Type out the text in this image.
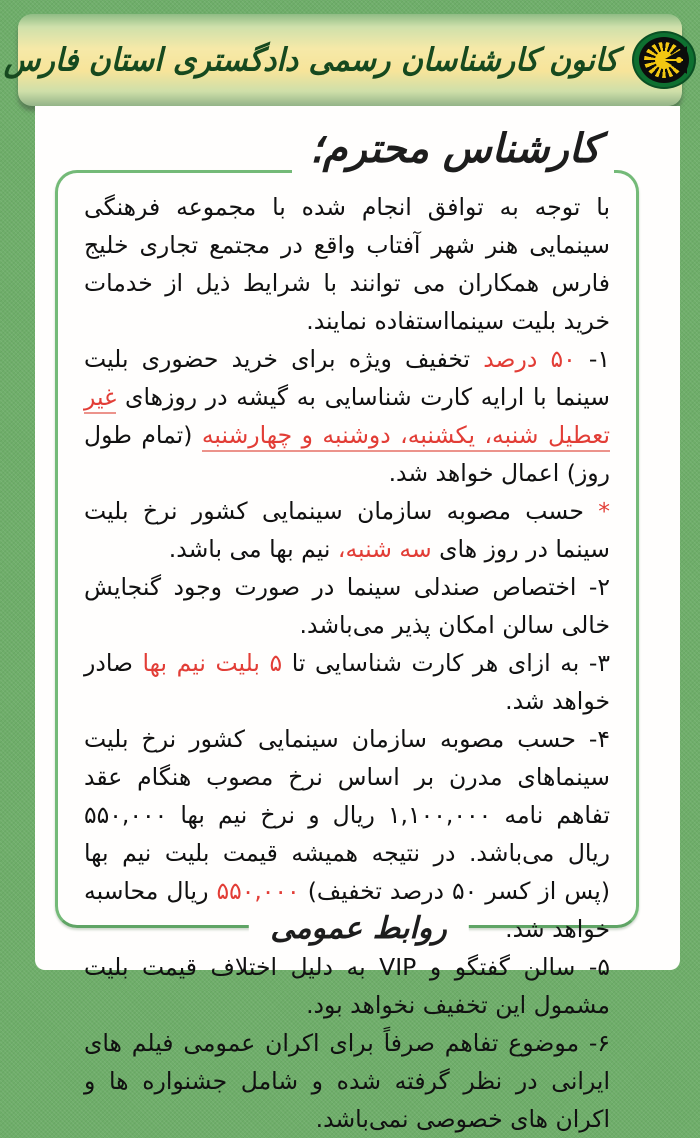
کانون کارشناسان رسمی دادگستری استان فارس
کارشناس محترم؛

با توجه به توافق انجام شده با مجموعه فرهنگی سینمایی هنر شهر آفتاب واقع در مجتمع تجاری خلیج فارس همکاران می توانند با شرایط ذیل از خدمات خرید بلیت سینمااستفاده نمایند.

۱- ۵۰ درصد تخفیف ویژه برای خرید حضوری بلیت سینما با ارایه کارت شناسایی به گیشه در روزهای غیر تعطیل شنبه، یکشنبه، دوشنبه و چهارشنبه (تمام طول روز) اعمال خواهد شد.

* حسب مصوبه سازمان سینمایی کشور نرخ بلیت سینما در روز های سه شنبه، نیم بها می باشد.

۲- اختصاص صندلی سینما در صورت وجود گنجایش خالی سالن امکان پذیر می‌باشد.

۳- به ازای هر کارت شناسایی تا ۵ بلیت نیم بها صادر خواهد شد.

۴- حسب مصوبه سازمان سینمایی کشور نرخ بلیت سینماهای مدرن بر اساس نرخ مصوب هنگام عقد تفاهم نامه ۱,۱۰۰,۰۰۰ ریال و نرخ نیم بها ۵۵۰,۰۰۰ ریال می‌باشد. در نتیجه همیشه قیمت بلیت نیم بها (پس از کسر ۵۰ درصد تخفیف) ۵۵۰,۰۰۰ ریال محاسبه خواهد شد.

۵- سالن گفتگو و VIP به دلیل اختلاف قیمت بلیت مشمول این تخفیف نخواهد بود.

۶- موضوع تفاهم صرفاً برای اکران عمومی فیلم های ایرانی در نظر گرفته شده و شامل جشنواره ها و اکران های خصوصی نمی‌باشد.

روابط عمومی
